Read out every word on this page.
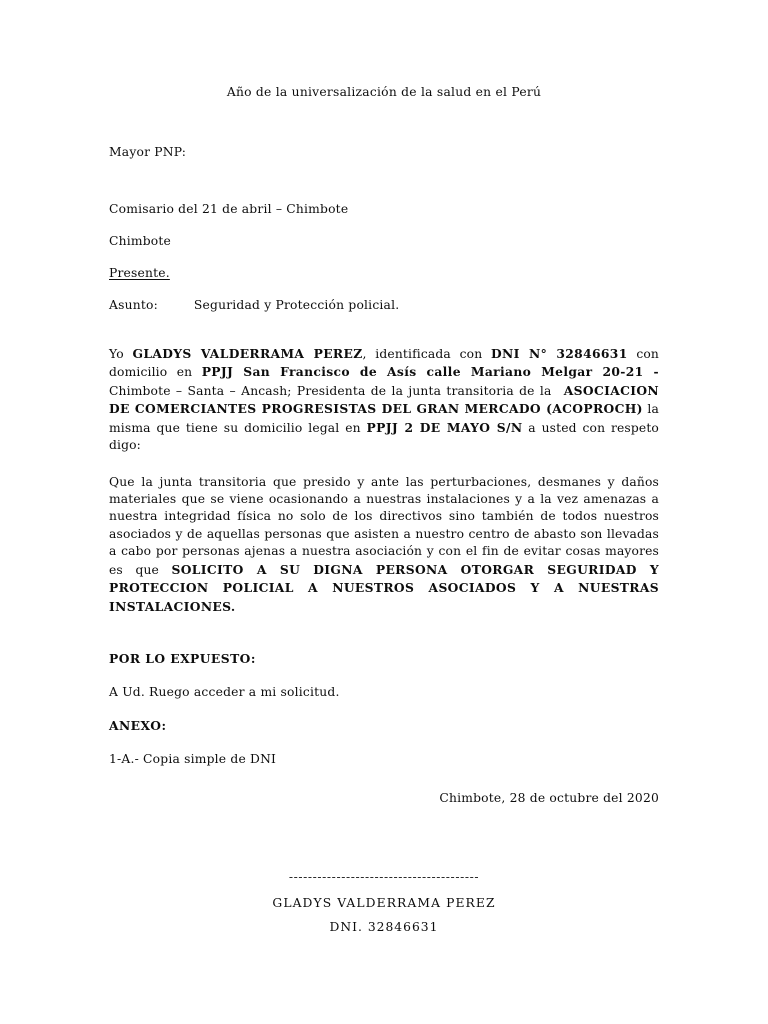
Año de la universalización de la salud en el Perú
Mayor PNP:
Comisario del 21 de abril – Chimbote
Chimbote
Presente.
Asunto:	Seguridad y Protección policial.

Yo GLADYS VALDERRAMA PEREZ, identificada con DNI N° 32846631 con domicilio en PPJJ San Francisco de Asís calle Mariano Melgar 20-21 - Chimbote – Santa – Ancash; Presidenta de la junta transitoria de la ASOCIACION DE COMERCIANTES PROGRESISTAS DEL GRAN MERCADO (ACOPROCH) la misma que tiene su domicilio legal en PPJJ 2 DE MAYO S/N a usted con respeto digo:

Que la junta transitoria que presido y ante las perturbaciones, desmanes y daños materiales que se viene ocasionando a nuestras instalaciones y a la vez amenazas a nuestra integridad física no solo de los directivos sino también de todos nuestros asociados y de aquellas personas que asisten a nuestro centro de abasto son llevadas a cabo por personas ajenas a nuestra asociación y con el fin de evitar cosas mayores es que SOLICITO A SU DIGNA PERSONA OTORGAR SEGURIDAD Y PROTECCION POLICIAL A NUESTROS ASOCIADOS Y A NUESTRAS INSTALACIONES.

POR LO EXPUESTO:
A Ud. Ruego acceder a mi solicitud.
ANEXO:
1-A.- Copia simple de DNI
Chimbote, 28 de octubre del 2020
----------------------------------------
GLADYS VALDERRAMA PEREZ
DNI. 32846631
